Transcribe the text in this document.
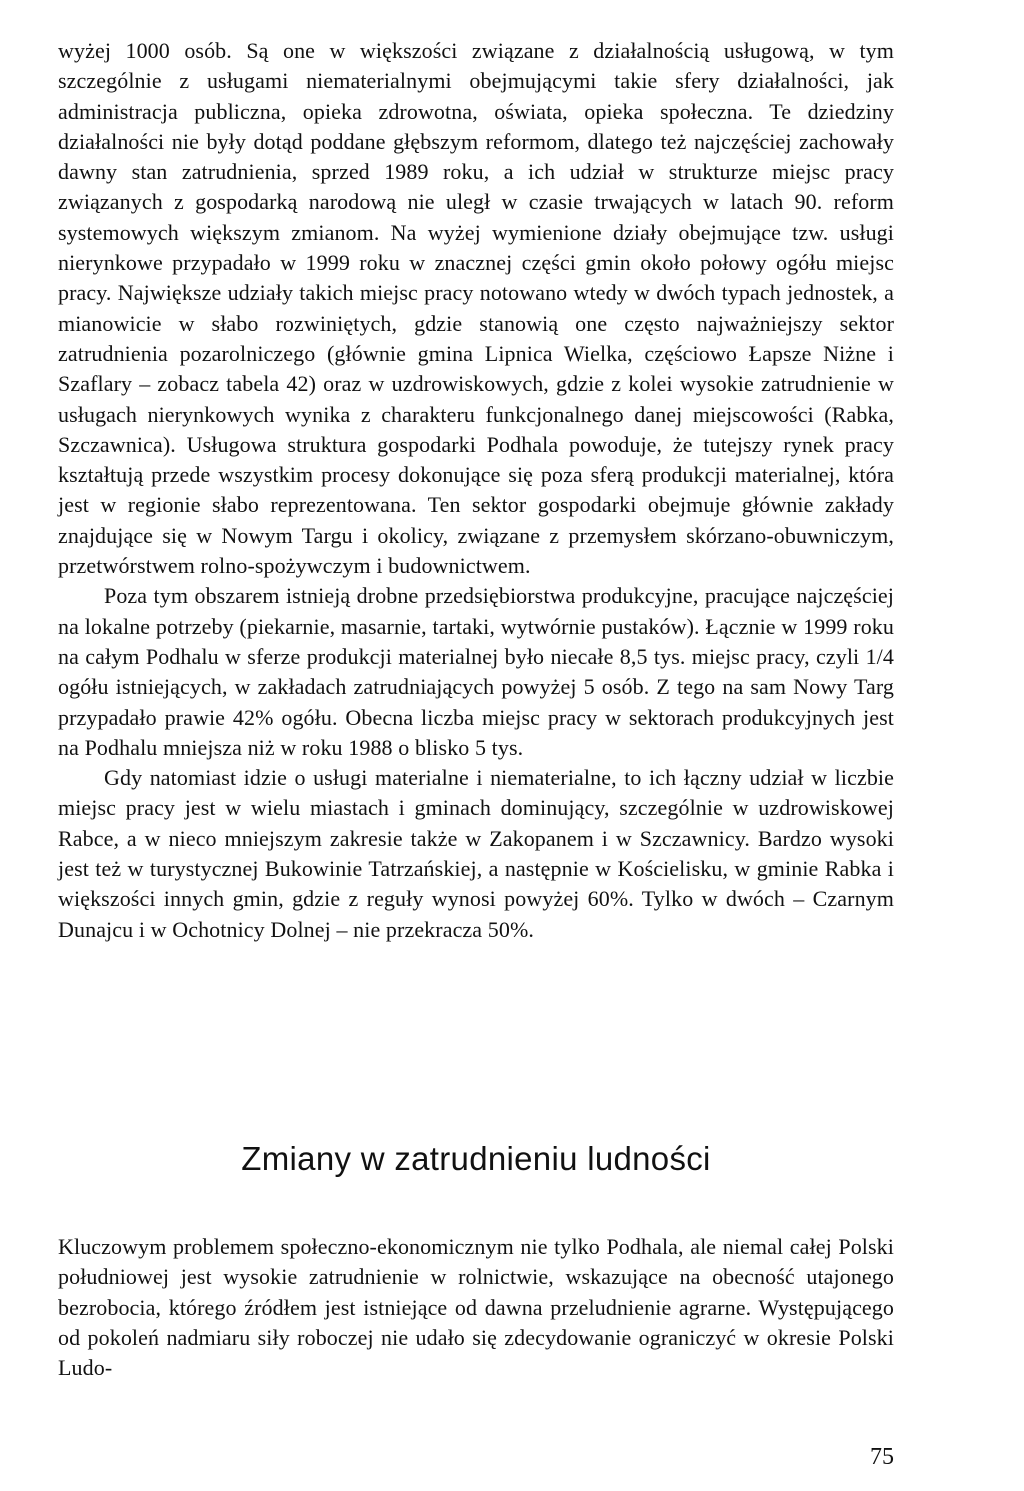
wyżej 1000 osób. Są one w większości związane z działalnością usługową, w tym szczególnie z usługami niematerialnymi obejmującymi takie sfery działalności, jak administracja publiczna, opieka zdrowotna, oświata, opieka społeczna. Te dziedziny działalności nie były dotąd poddane głębszym reformom, dlatego też najczęściej zachowały dawny stan zatrudnienia, sprzed 1989 roku, a ich udział w strukturze miejsc pracy związanych z gospodarką narodową nie uległ w czasie trwających w latach 90. reform systemowych większym zmianom. Na wyżej wymienione działy obejmujące tzw. usługi nierynkowe przypadało w 1999 roku w znacznej części gmin około połowy ogółu miejsc pracy. Największe udziały takich miejsc pracy notowano wtedy w dwóch typach jednostek, a mianowicie w słabo rozwiniętych, gdzie stanowią one często najważniejszy sektor zatrudnienia pozarolniczego (głównie gmina Lipnica Wielka, częściowo Łapsze Niżne i Szaflary – zobacz tabela 42) oraz w uzdrowiskowych, gdzie z kolei wysokie zatrudnienie w usługach nierynkowych wynika z charakteru funkcjonalnego danej miejscowości (Rabka, Szczawnica). Usługowa struktura gospodarki Podhala powoduje, że tutejszy rynek pracy kształtują przede wszystkim procesy dokonujące się poza sferą produkcji materialnej, która jest w regionie słabo reprezentowana. Ten sektor gospodarki obejmuje głównie zakłady znajdujące się w Nowym Targu i okolicy, związane z przemysłem skórzano-obuwniczym, przetwórstwem rolno-spożywczym i budownictwem.

Poza tym obszarem istnieją drobne przedsiębiorstwa produkcyjne, pracujące najczęściej na lokalne potrzeby (piekarnie, masarnie, tartaki, wytwórnie pustaków). Łącznie w 1999 roku na całym Podhalu w sferze produkcji materialnej było niecałe 8,5 tys. miejsc pracy, czyli 1/4 ogółu istniejących, w zakładach zatrudniających powyżej 5 osób. Z tego na sam Nowy Targ przypadało prawie 42% ogółu. Obecna liczba miejsc pracy w sektorach produkcyjnych jest na Podhalu mniejsza niż w roku 1988 o blisko 5 tys.

Gdy natomiast idzie o usługi materialne i niematerialne, to ich łączny udział w liczbie miejsc pracy jest w wielu miastach i gminach dominujący, szczególnie w uzdrowiskowej Rabce, a w nieco mniejszym zakresie także w Zakopanem i w Szczawnicy. Bardzo wysoki jest też w turystycznej Bukowinie Tatrzańskiej, a następnie w Kościelisku, w gminie Rabka i większości innych gmin, gdzie z reguły wynosi powyżej 60%. Tylko w dwóch – Czarnym Dunajcu i w Ochotnicy Dolnej – nie przekracza 50%.

Zmiany w zatrudnieniu ludności

Kluczowym problemem społeczno-ekonomicznym nie tylko Podhala, ale niemal całej Polski południowej jest wysokie zatrudnienie w rolnictwie, wskazujące na obecność utajonego bezrobocia, którego źródłem jest istniejące od dawna przeludnienie agrarne. Występującego od pokoleń nadmiaru siły roboczej nie udało się zdecydowanie ograniczyć w okresie Polski Ludo-

75
